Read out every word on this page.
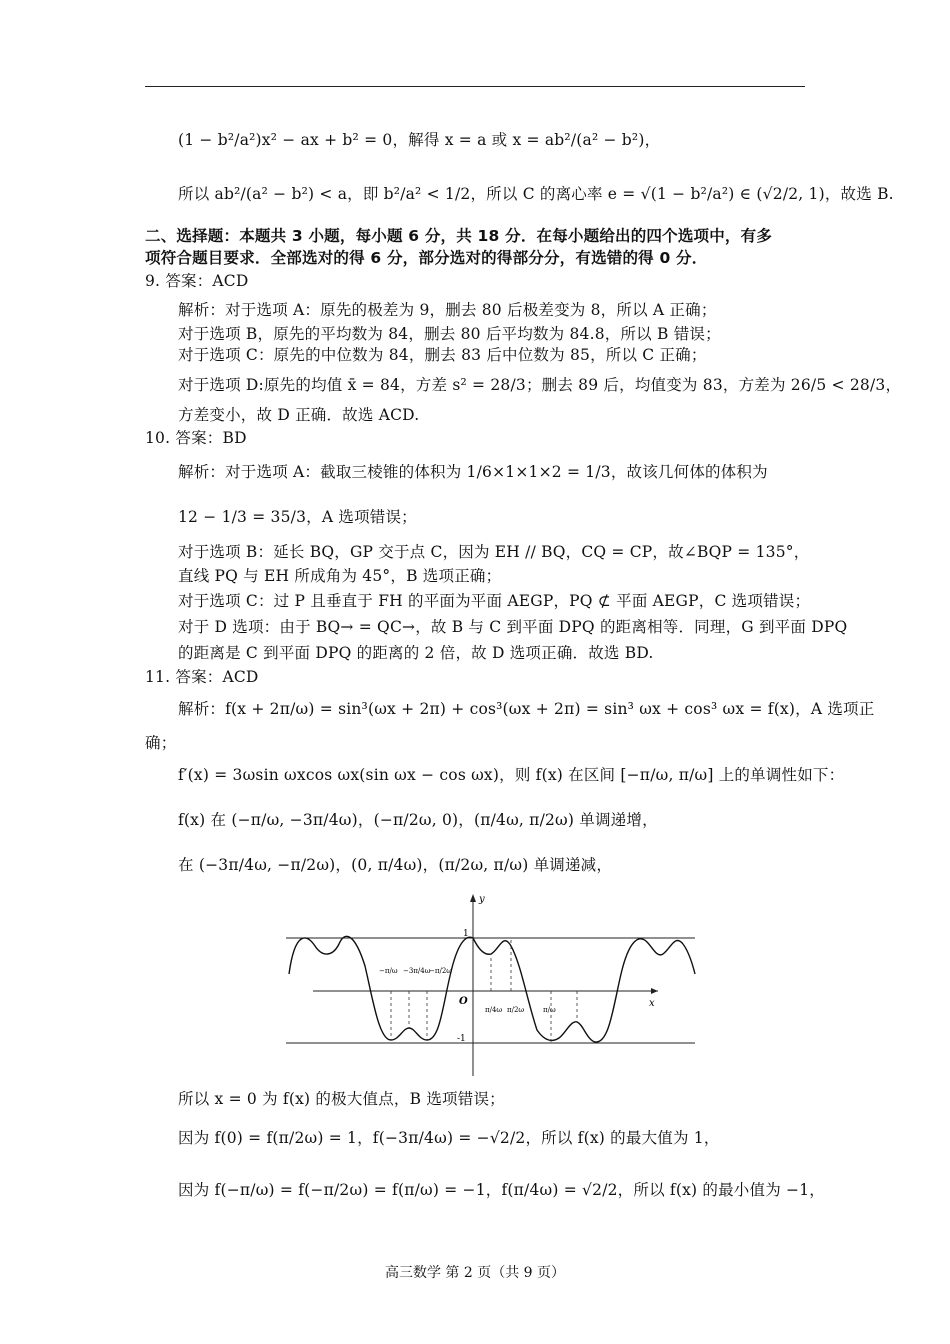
(1 − b²/a²)x² − ax + b² = 0，解得 x = a 或 x = ab²/(a² − b²)，
所以 ab²/(a² − b²) < a，即 b²/a² < 1/2，所以 C 的离心率 e = √(1 − b²/a²) ∈ (√2/2, 1)，故选 B.
二、选择题：本题共 3 小题，每小题 6 分，共 18 分．在每小题给出的四个选项中，有多
项符合题目要求．全部选对的得 6 分，部分选对的得部分分，有选错的得 0 分．
9. 答案：ACD
解析：对于选项 A：原先的极差为 9，删去 80 后极差变为 8，所以 A 正确；
对于选项 B，原先的平均数为 84，删去 80 后平均数为 84.8，所以 B 错误；
对于选项 C：原先的中位数为 84，删去 83 后中位数为 85，所以 C 正确；
对于选项 D:原先的均值 x̄ = 84，方差 s² = 28/3；删去 89 后，均值变为 83，方差为 26/5 < 28/3，
方差变小，故 D 正确．故选 ACD.
10. 答案：BD
解析：对于选项 A：截取三棱锥的体积为 1/6×1×1×2 = 1/3，故该几何体的体积为
12 − 1/3 = 35/3，A 选项错误；
对于选项 B：延长 BQ，GP 交于点 C，因为 EH // BQ，CQ = CP，故∠BQP = 135°，
直线 PQ 与 EH 所成角为 45°，B 选项正确；
对于选项 C：过 P 且垂直于 FH 的平面为平面 AEGP，PQ ⊄ 平面 AEGP，C 选项错误；
对于 D 选项：由于 BQ→ = QC→，故 B 与 C 到平面 DPQ 的距离相等．同理，G 到平面 DPQ
的距离是 C 到平面 DPQ 的距离的 2 倍，故 D 选项正确．故选 BD.
11. 答案：ACD
解析：f(x + 2π/ω) = sin³(ωx + 2π) + cos³(ωx + 2π) = sin³ ωx + cos³ ωx = f(x)，A 选项正
确；
f′(x) = 3ωsin ωxcos ωx(sin ωx − cos ωx)，则 f(x) 在区间 [−π/ω, π/ω] 上的单调性如下：
f(x) 在 (−π/ω, −3π/4ω)，(−π/2ω, 0)，(π/4ω, π/2ω) 单调递增，
在 (−3π/4ω, −π/2ω)，(0, π/4ω)，(π/2ω, π/ω) 单调递减，
y
x
O
1
-1
−π/ω −3π/4ω
−π/2ω
π/4ω π/2ω	π/ω
所以 x = 0 为 f(x) 的极大值点，B 选项错误；
因为 f(0) = f(π/2ω) = 1，f(−3π/4ω) = −√2/2，所以 f(x) 的最大值为 1，
因为 f(−π/ω) = f(−π/2ω) = f(π/ω) = −1，f(π/4ω) = √2/2，所以 f(x) 的最小值为 −1，
高三数学 第 2 页（共 9 页）
